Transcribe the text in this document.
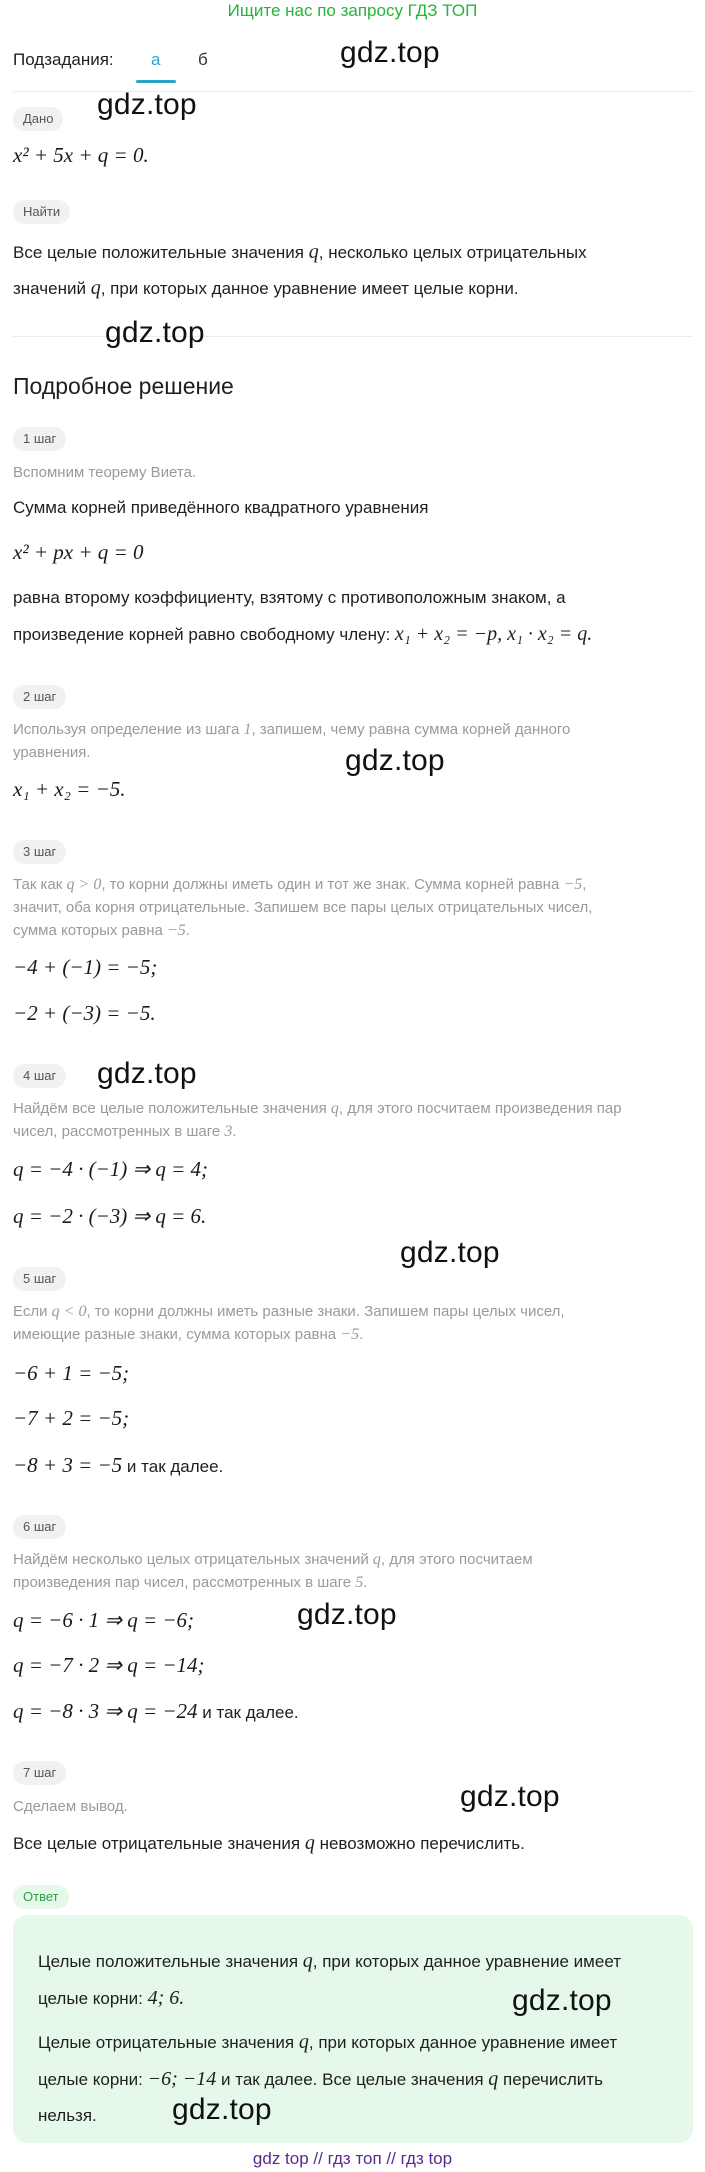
Ищите нас по запросу ГДЗ ТОП
Подзадания: а б	gdz.top
Дано	gdz.top
x² + 5x + q = 0.
Найти
Все целые положительные значения q, несколько целых отрицательных
значений q, при которых данное уравнение имеет целые корни.
gdz.top
Подробное решение
1 шаг
Вспомним теорему Виета.
Сумма корней приведённого квадратного уравнения
x² + px + q = 0
равна второму коэффициенту, взятому с противоположным знаком, а
произведение корней равно свободному члену: x₁ + x₂ = −p, x₁ · x₂ = q.
2 шаг
Используя определение из шага 1, запишем, чему равна сумма корней данного
уравнения.	gdz.top
x₁ + x₂ = −5.
3 шаг
Так как q > 0, то корни должны иметь один и тот же знак. Сумма корней равна −5,
значит, оба корня отрицательные. Запишем все пары целых отрицательных чисел,
сумма которых равна −5.
−4 + (−1) = −5;
−2 + (−3) = −5.
4 шаг	gdz.top
Найдём все целые положительные значения q, для этого посчитаем произведения пар
чисел, рассмотренных в шаге 3.
q = −4 · (−1) ⇒ q = 4;
q = −2 · (−3) ⇒ q = 6.
gdz.top
5 шаг
Если q < 0, то корни должны иметь разные знаки. Запишем пары целых чисел,
имеющие разные знаки, сумма которых равна −5.
−6 + 1 = −5;
−7 + 2 = −5;
−8 + 3 = −5 и так далее.
6 шаг
Найдём несколько целых отрицательных значений q, для этого посчитаем
произведения пар чисел, рассмотренных в шаге 5.
q = −6 · 1 ⇒ q = −6;	gdz.top
q = −7 · 2 ⇒ q = −14;
q = −8 · 3 ⇒ q = −24 и так далее.
7 шаг
Сделаем вывод.	gdz.top
Все целые отрицательные значения q невозможно перечислить.
Ответ
Целые положительные значения q, при которых данное уравнение имеет
целые корни: 4; 6.	gdz.top
Целые отрицательные значения q, при которых данное уравнение имеет
целые корни: −6; −14 и так далее. Все целые значения q перечислить
нельзя.	gdz.top
gdz top // гдз топ // гдз top
